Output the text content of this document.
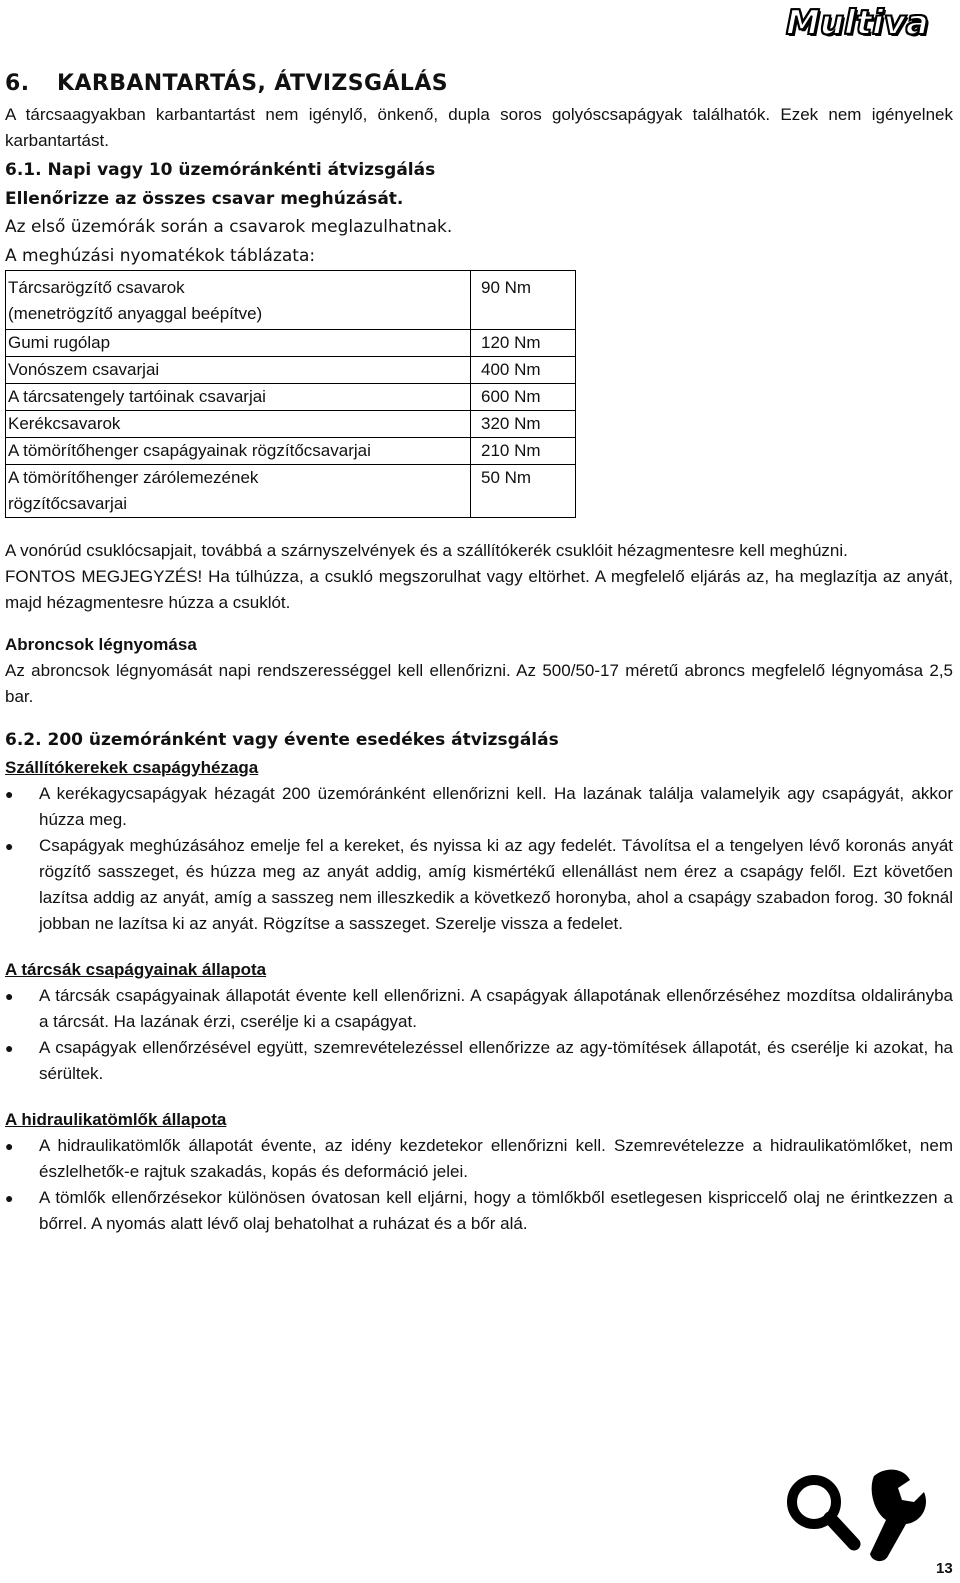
Multiva
6. KARBANTARTÁS, ÁTVIZSGÁLÁS
A tárcsaagyakban karbantartást nem igénylő, önkenő, dupla soros golyóscsapágyak találhatók. Ezek nem igényelnek karbantartást.
6.1. Napi vagy 10 üzemóránkénti átvizsgálás
Ellenőrizze az összes csavar meghúzását.
Az első üzemórák során a csavarok meglazulhatnak.
A meghúzási nyomatékok táblázata:
Tárcsarögzítő csavarok
(menetrögzítő anyaggal beépítve)	90 Nm
Gumi rugólap	120 Nm
Vonószem csavarjai	400 Nm
A tárcsatengely tartóinak csavarjai	600 Nm
Kerékcsavarok	320 Nm
A tömörítőhenger csapágyainak rögzítőcsavarjai	210 Nm
A tömörítőhenger zárólemezének
rögzítőcsavarjai	50 Nm
A vonórúd csuklócsapjait, továbbá a szárnyszelvények és a szállítókerék csuklóit hézagmentesre kell meghúzni.
FONTOS MEGJEGYZÉS! Ha túlhúzza, a csukló megszorulhat vagy eltörhet. A megfelelő eljárás az, ha meglazítja az anyát, majd hézagmentesre húzza a csuklót.
Abroncsok légnyomása
Az abroncsok légnyomását napi rendszerességgel kell ellenőrizni. Az 500/50-17 méretű abroncs megfelelő légnyomása 2,5 bar.
6.2. 200 üzemóránként vagy évente esedékes átvizsgálás
Szállítókerekek csapágyhézaga
●	A kerékagycsapágyak hézagát 200 üzemóránként ellenőrizni kell. Ha lazának találja valamelyik agy csapágyát, akkor húzza meg.
●	Csapágyak meghúzásához emelje fel a kereket, és nyissa ki az agy fedelét. Távolítsa el a tengelyen lévő koronás anyát rögzítő sasszeget, és húzza meg az anyát addig, amíg kismértékű ellenállást nem érez a csapágy felől. Ezt követően lazítsa addig az anyát, amíg a sasszeg nem illeszkedik a következő horonyba, ahol a csapágy szabadon forog. 30 foknál jobban ne lazítsa ki az anyát. Rögzítse a sasszeget. Szerelje vissza a fedelet.
A tárcsák csapágyainak állapota
●	A tárcsák csapágyainak állapotát évente kell ellenőrizni. A csapágyak állapotának ellenőrzéséhez mozdítsa oldalirányba a tárcsát. Ha lazának érzi, cserélje ki a csapágyat.
●	A csapágyak ellenőrzésével együtt, szemrevételezéssel ellenőrizze az agy-tömítések állapotát, és cserélje ki azokat, ha sérültek.
A hidraulikatömlők állapota
●	A hidraulikatömlők állapotát évente, az idény kezdetekor ellenőrizni kell. Szemrevételezze a hidraulikatömlőket, nem észlelhetők-e rajtuk szakadás, kopás és deformáció jelei.
●	A tömlők ellenőrzésekor különösen óvatosan kell eljárni, hogy a tömlőkből esetlegesen kispriccelő olaj ne érintkezzen a bőrrel. A nyomás alatt lévő olaj behatolhat a ruházat és a bőr alá.
13
